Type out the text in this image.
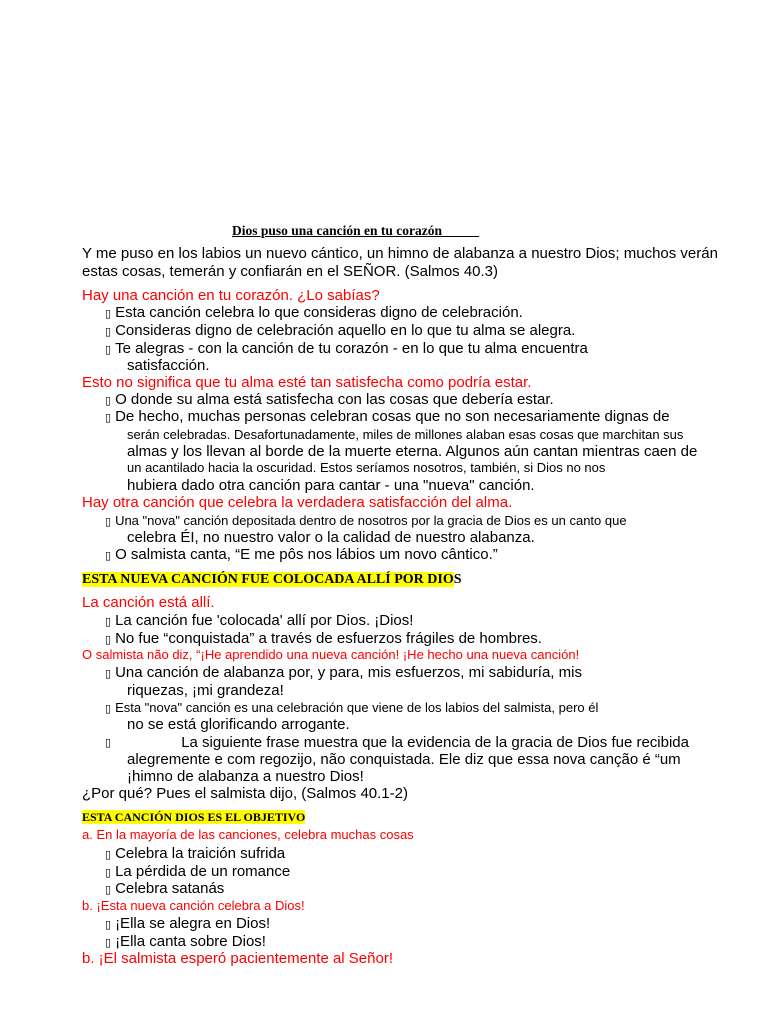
Dios puso una canción en tu corazón
Y me puso en los labios un nuevo cántico, un himno de alabanza a nuestro Dios; muchos verán
estas cosas, temerán y confiarán en el SEÑOR. (Salmos 40.3)
Hay una canción en tu corazón. ¿Lo sabías?
▯ Esta canción celebra lo que consideras digno de celebración.
▯ Consideras digno de celebración aquello en lo que tu alma se alegra.
▯ Te alegras - con la canción de tu corazón - en lo que tu alma encuentra
satisfacción.
Esto no significa que tu alma esté tan satisfecha como podría estar.
▯ O donde su alma está satisfecha con las cosas que debería estar.
▯ De hecho, muchas personas celebran cosas que no son necesariamente dignas de
serán celebradas. Desafortunadamente, miles de millones alaban esas cosas que marchitan sus
almas y los llevan al borde de la muerte eterna. Algunos aún cantan mientras caen de
un acantilado hacia la oscuridad. Estos seríamos nosotros, también, si Dios no nos
hubiera dado otra canción para cantar - una "nueva" canción.
Hay otra canción que celebra la verdadera satisfacción del alma.
▯ Una "nova" canción depositada dentro de nosotros por la gracia de Dios es un canto que
celebra ÉI, no nuestro valor o la calidad de nuestro alabanza.
▯ O salmista canta, “E me pôs nos lábios um novo cântico.”
ESTA NUEVA CANCIÓN FUE COLOCADA ALLÍ POR DIOS
La canción está allí.
▯ La canción fue 'colocada' allí por Dios. ¡Dios!
▯ No fue “conquistada” a través de esfuerzos frágiles de hombres.
O salmista não diz, “¡He aprendido una nueva canción! ¡He hecho una nueva canción!
▯ Una canción de alabanza por, y para, mis esfuerzos, mi sabiduría, mis
riquezas, ¡mi grandeza!
▯ Esta "nova" canción es una celebración que viene de los labios del salmista, pero él
no se está glorificando arrogante.
▯	La siguiente frase muestra que la evidencia de la gracia de Dios fue recibida
alegremente e com regozijo, não conquistada. Ele diz que essa nova canção é “um
¡himno de alabanza a nuestro Dios!
¿Por qué? Pues el salmista dijo, (Salmos 40.1-2)
ESTA CANCIÓN DIOS ES EL OBJETIVO
a. En la mayoría de las canciones, celebra muchas cosas
▯ Celebra la traición sufrida
▯ La pérdida de un romance
▯ Celebra satanás
b. ¡Esta nueva canción celebra a Dios!
▯ ¡Ella se alegra en Dios!
▯ ¡Ella canta sobre Dios!
b. ¡El salmista esperó pacientemente al Señor!
